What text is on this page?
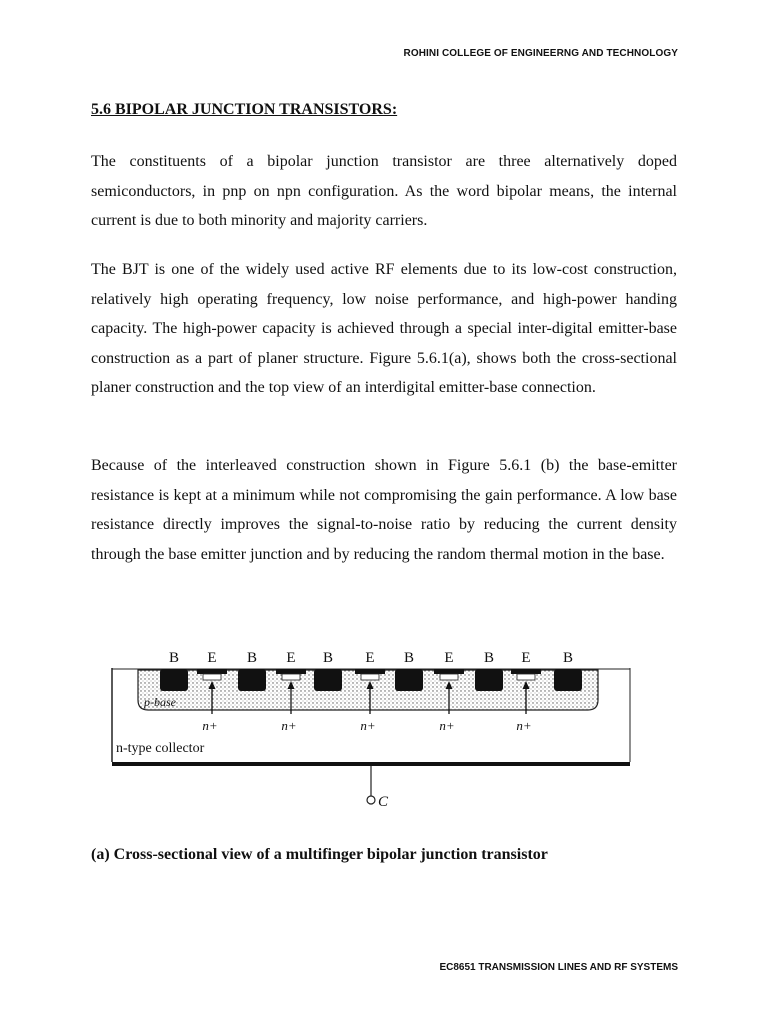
ROHINI COLLEGE OF ENGINEERNG AND TECHNOLOGY
5.6 BIPOLAR JUNCTION TRANSISTORS:

The constituents of a bipolar junction transistor are three alternatively doped semiconductors, in pnp on npn configuration. As the word bipolar means, the internal current is due to both minority and majority carriers.

The BJT is one of the widely used active RF elements due to its low-cost construction, relatively high operating frequency, low noise performance, and high-power handing capacity. The high-power capacity is achieved through a special inter-digital emitter-base construction as a part of planer structure. Figure 5.6.1(a), shows both the cross-sectional planer construction and the top view of an interdigital emitter-base connection.

Because of the interleaved construction shown in Figure 5.6.1 (b) the base-emitter resistance is kept at a minimum while not compromising the gain performance. A low base resistance directly improves the signal-to-noise ratio by reducing the current density through the base emitter junction and by reducing the random thermal motion in the base.

B E
n+
B E
n+
B E
n+
B E
n+
B E
n+
B
p-base
n-type collector
C
(a) Cross-sectional view of a multifinger bipolar junction transistor
EC8651 TRANSMISSION LINES AND RF SYSTEMS
